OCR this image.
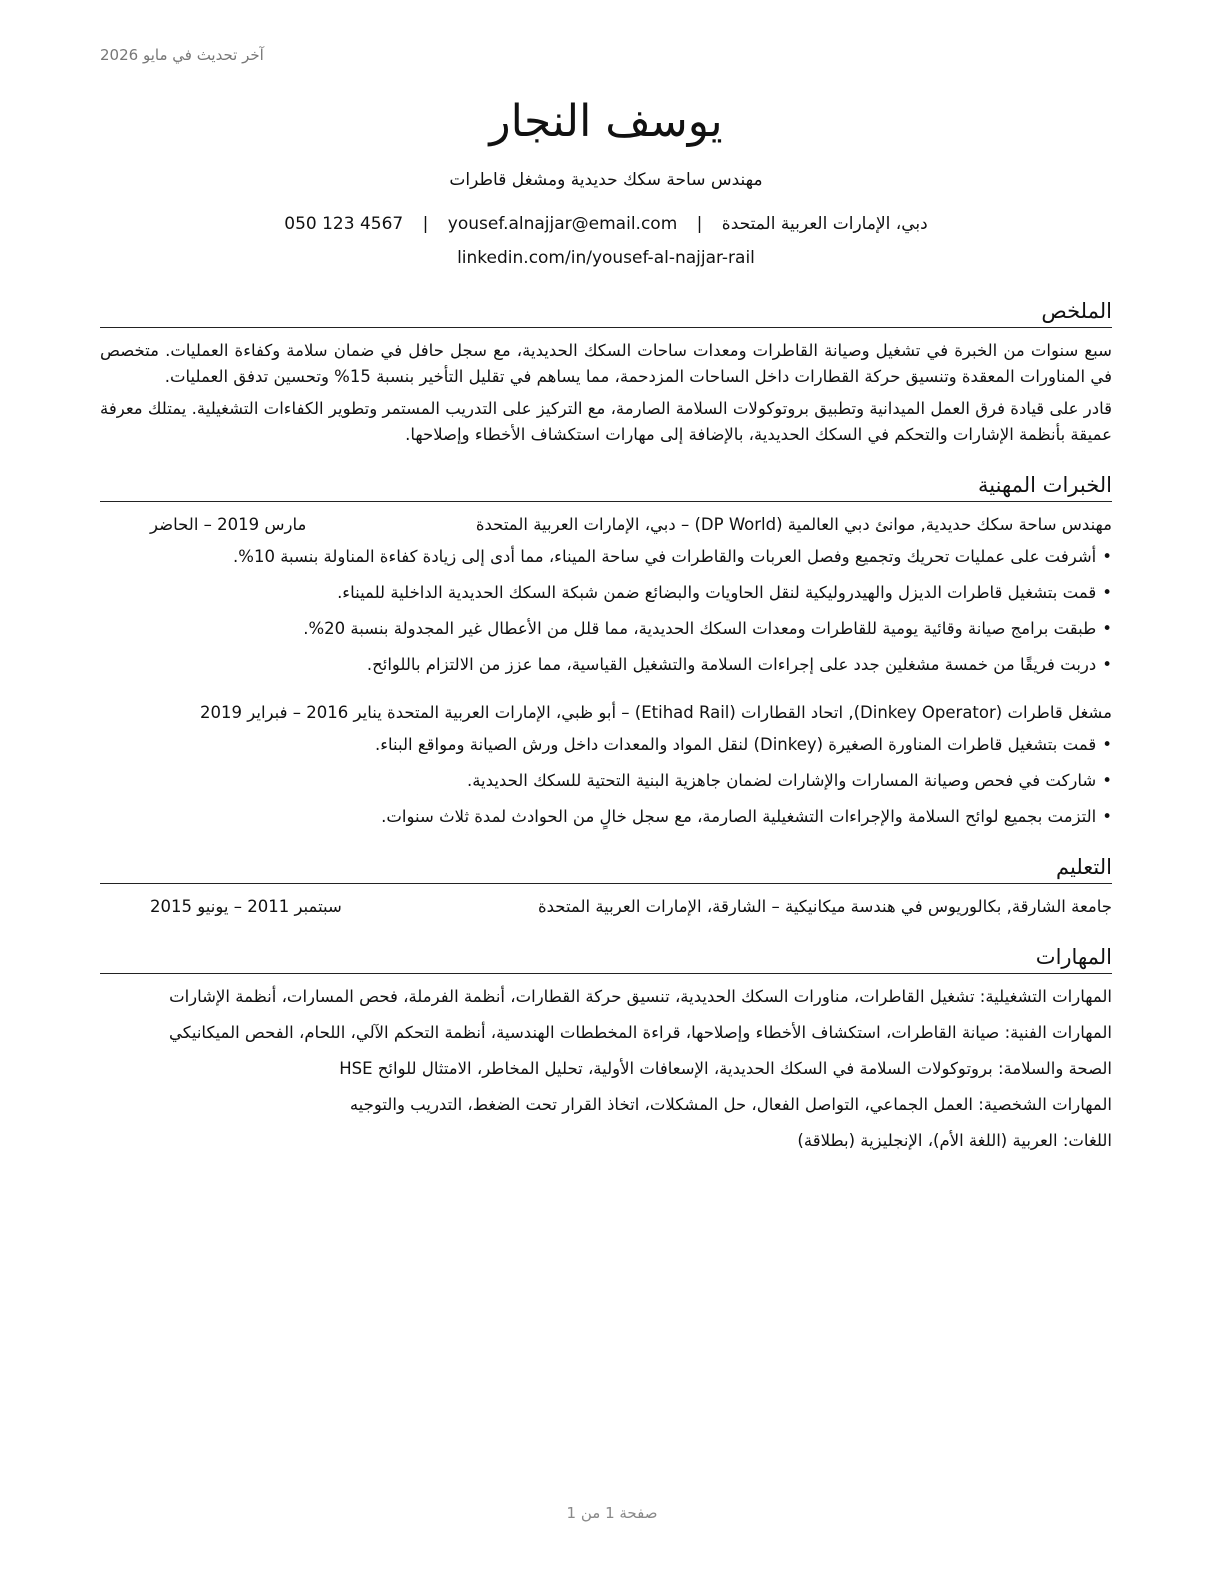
آخر تحديث في مايو 2026
يوسف النجار
مهندس ساحة سكك حديدية ومشغل قاطرات
دبي، الإمارات العربية المتحدة | yousef.alnajjar@email.com | 050 123 4567
linkedin.com/in/yousef-al-najjar-rail
الملخص

سبع سنوات من الخبرة في تشغيل وصيانة القاطرات ومعدات ساحات السكك الحديدية، مع سجل حافل في ضمان سلامة وكفاءة العمليات. متخصص في المناورات المعقدة وتنسيق حركة القطارات داخل الساحات المزدحمة، مما يساهم في تقليل التأخير بنسبة 15% وتحسين تدفق العمليات.

قادر على قيادة فرق العمل الميدانية وتطبيق بروتوكولات السلامة الصارمة، مع التركيز على التدريب المستمر وتطوير الكفاءات التشغيلية. يمتلك معرفة عميقة بأنظمة الإشارات والتحكم في السكك الحديدية، بالإضافة إلى مهارات استكشاف الأخطاء وإصلاحها.

الخبرات المهنية
مهندس ساحة سكك حديدية, موانئ دبي العالمية (DP World) – دبي، الإمارات العربية المتحدة
مارس 2019 – الحاضر
• أشرفت على عمليات تحريك وتجميع وفصل العربات والقاطرات في ساحة الميناء، مما أدى إلى زيادة كفاءة المناولة بنسبة 10%.
• قمت بتشغيل قاطرات الديزل والهيدروليكية لنقل الحاويات والبضائع ضمن شبكة السكك الحديدية الداخلية للميناء.
• طبقت برامج صيانة وقائية يومية للقاطرات ومعدات السكك الحديدية، مما قلل من الأعطال غير المجدولة بنسبة 20%.
• دربت فريقًا من خمسة مشغلين جدد على إجراءات السلامة والتشغيل القياسية، مما عزز من الالتزام باللوائح.
مشغل قاطرات (Dinkey Operator), اتحاد القطارات (Etihad Rail) – أبو ظبي، الإمارات العربية المتحدة يناير 2016 – فبراير 2019
• قمت بتشغيل قاطرات المناورة الصغيرة (Dinkey) لنقل المواد والمعدات داخل ورش الصيانة ومواقع البناء.
• شاركت في فحص وصيانة المسارات والإشارات لضمان جاهزية البنية التحتية للسكك الحديدية.
• التزمت بجميع لوائح السلامة والإجراءات التشغيلية الصارمة، مع سجل خالٍ من الحوادث لمدة ثلاث سنوات.
التعليم
جامعة الشارقة, بكالوريوس في هندسة ميكانيكية – الشارقة، الإمارات العربية المتحدة
سبتمبر 2011 – يونيو 2015
المهارات
المهارات التشغيلية: تشغيل القاطرات، مناورات السكك الحديدية، تنسيق حركة القطارات، أنظمة الفرملة، فحص المسارات، أنظمة الإشارات
المهارات الفنية: صيانة القاطرات، استكشاف الأخطاء وإصلاحها، قراءة المخططات الهندسية، أنظمة التحكم الآلي، اللحام، الفحص الميكانيكي
الصحة والسلامة: بروتوكولات السلامة في السكك الحديدية، الإسعافات الأولية، تحليل المخاطر، الامتثال للوائح HSE
المهارات الشخصية: العمل الجماعي، التواصل الفعال، حل المشكلات، اتخاذ القرار تحت الضغط، التدريب والتوجيه
اللغات: العربية (اللغة الأم)، الإنجليزية (بطلاقة)
صفحة 1 من 1
